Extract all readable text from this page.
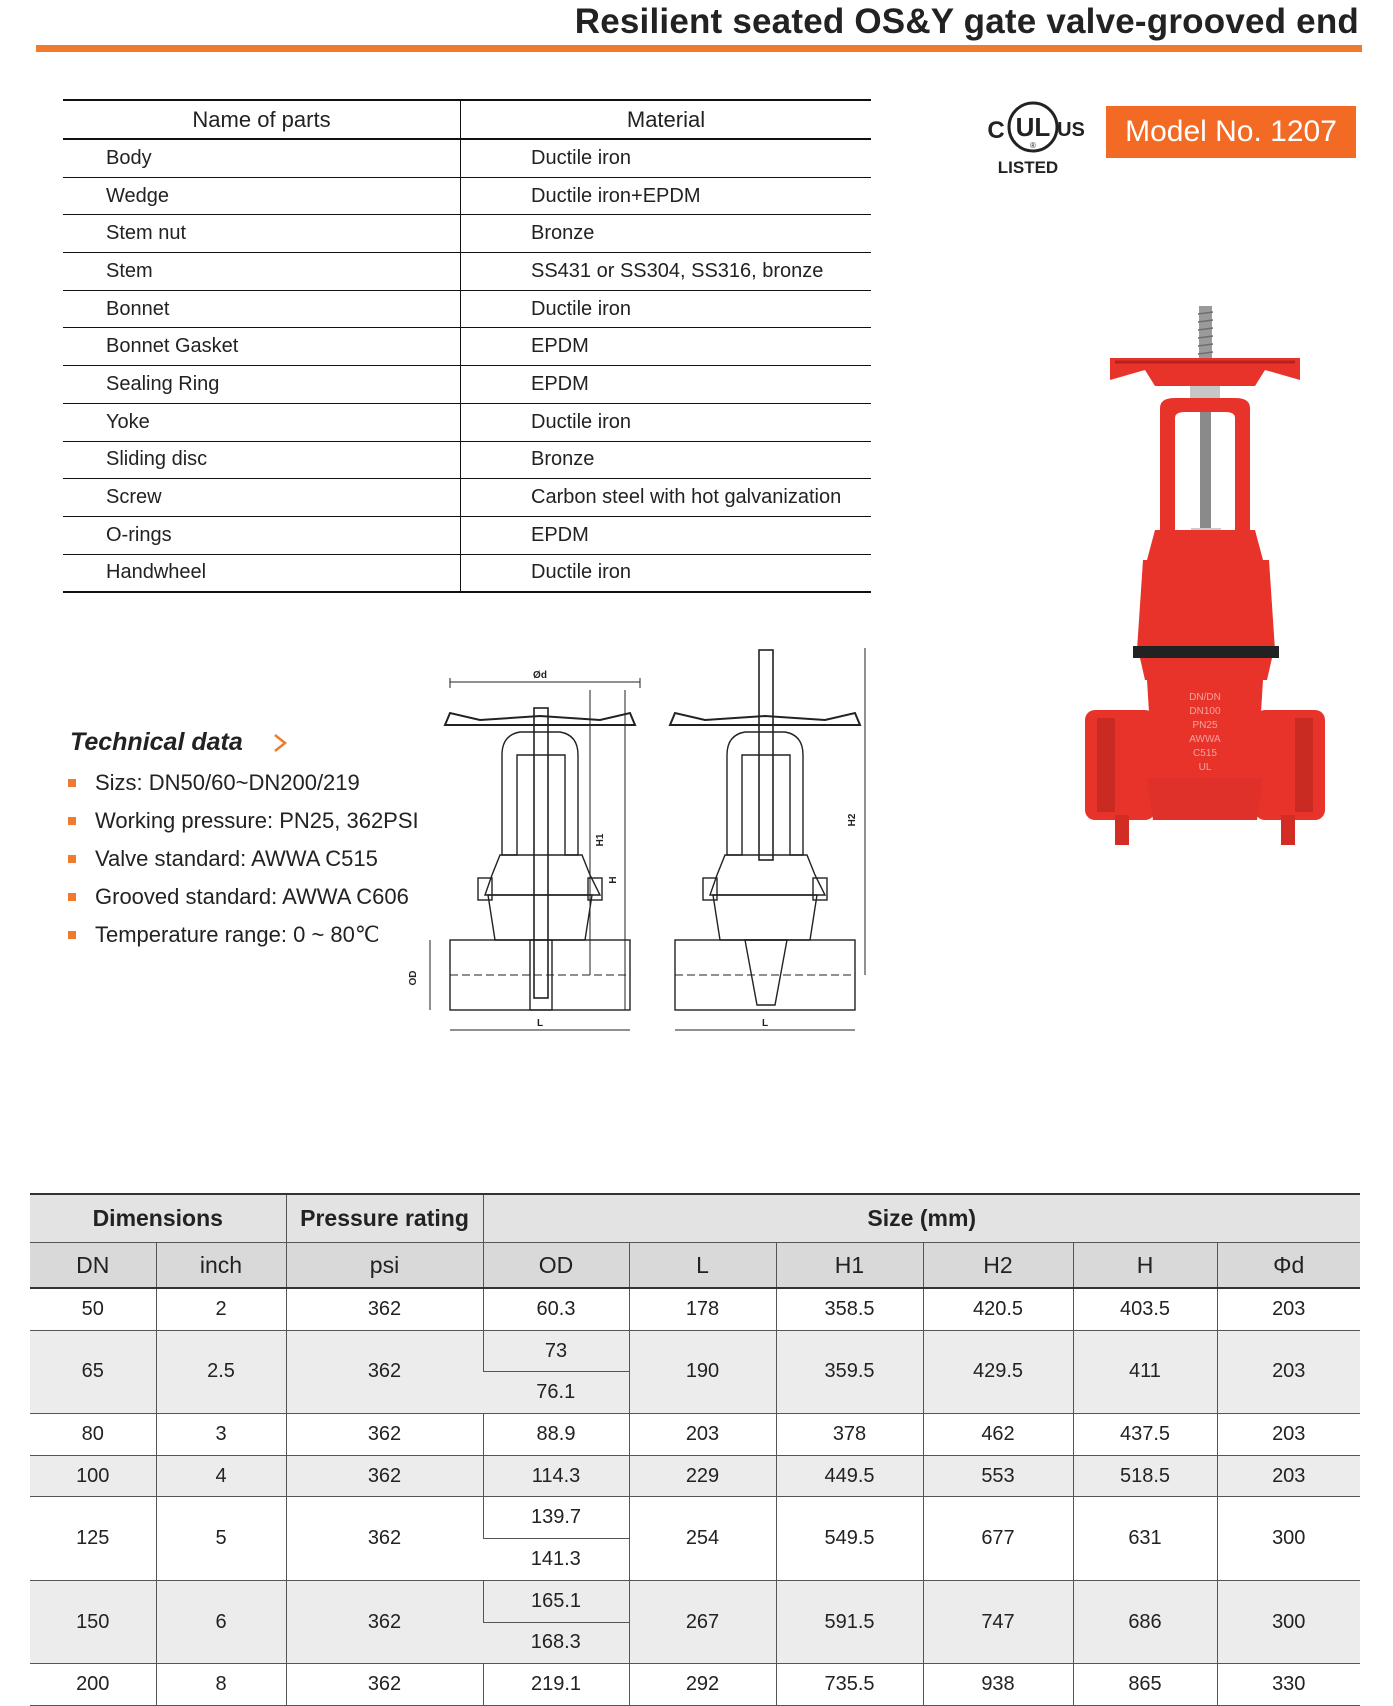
Resilient seated OS&Y gate valve-grooved end
Name of parts	Material
Body	Ductile iron
Wedge	Ductile iron+EPDM
Stem nut	Bronze
Stem	SS431 or SS304, SS316, bronze
Bonnet	Ductile iron
Bonnet Gasket	EPDM
Sealing Ring	EPDM
Yoke	Ductile iron
Sliding disc	Bronze
Screw	Carbon steel with hot galvanization
O-rings	EPDM
Handwheel	Ductile iron
C UL
®
US
LISTED
Model No. 1207
DN/DN
DN100
PN25
AWWA
C515
UL
Technical data
Sizs: DN50/60~DN200/219
Working pressure: PN25, 362PSI
Valve standard: AWWA C515
Grooved standard: AWWA C606
Temperature range: 0 ~ 80℃
Ød
OD
L
H1
H
L
H2
Dimensions		Pressure rating	Size (mm)					
DN	inch	psi	OD	L	H1	H2	H	Φd
50	2	362	60.3	178	358.5	420.5	403.5	203
65	2.5	362	73	190	359.5	429.5	411	203
			76.1					
80	3	362	88.9	203	378	462	437.5	203
100	4	362	114.3	229	449.5	553	518.5	203
125	5	362	139.7	254	549.5	677	631	300
			141.3					
150	6	362	165.1	267	591.5	747	686	300
			168.3					
200	8	362	219.1	292	735.5	938	865	330
